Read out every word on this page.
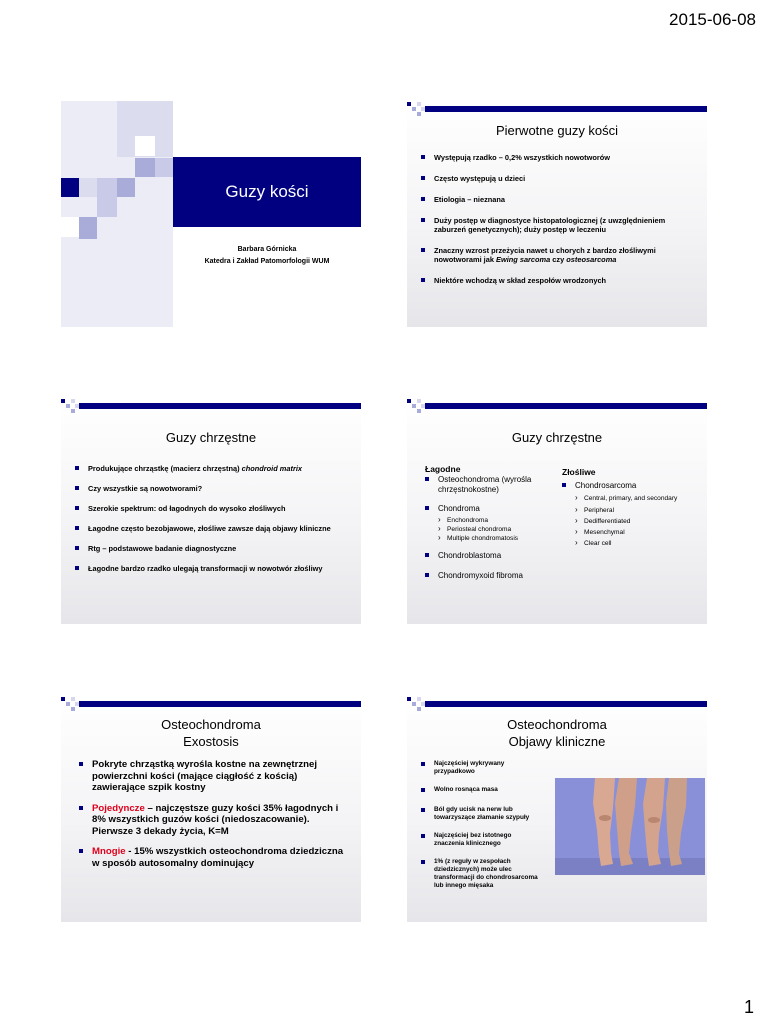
2015-06-08
Guzy kości
Barbara Górnicka
Katedra i Zakład Patomorfologii WUM
Pierwotne guzy kości
Występują rzadko – 0,2% wszystkich nowotworów
Często występują u dzieci
Etiologia – nieznana
Duży postęp w diagnostyce histopatologicznej (z uwzględnieniem zaburzeń genetycznych); duży postęp w leczeniu
Znaczny wzrost przeżycia nawet u chorych z bardzo złośliwymi nowotworami jak Ewing sarcoma czy osteosarcoma
Niektóre wchodzą w skład zespołów wrodzonych
Guzy chrzęstne
Produkujące chrząstkę (macierz chrzęstną) chondroid matrix
Czy wszystkie są nowotworami?
Szerokie spektrum: od łagodnych do wysoko złośliwych
Łagodne często bezobjawowe, złośliwe zawsze dają objawy kliniczne
Rtg – podstawowe badanie diagnostyczne
Łagodne bardzo rzadko ulegają transformacji w nowotwór złośliwy
Guzy chrzęstne
Łagodne
Osteochondroma (wyrośla chrzęstnokostne)
Chondroma
› Enchondroma
› Periosteal chondroma
› Multiple chondromatosis
Chondroblastoma
Chondromyxoid fibroma
Złośliwe
Chondrosarcoma
› Central, primary, and secondary
› Peripheral
› Dedifferentiated
› Mesenchymal
› Clear cell
Osteochondroma
Exostosis
Pokryte chrząstką wyrośla kostne na zewnętrznej powierzchni kości (mające ciągłość z kością) zawierające szpik kostny
Pojedyncze – najczęstsze guzy kości 35% łagodnych i 8% wszystkich guzów kości (niedoszacowanie). Pierwsze 3 dekady życia, K=M
Mnogie - 15% wszystkich osteochondroma dziedziczna w sposób autosomalny dominujący
Osteochondroma
Objawy kliniczne
Najczęściej wykrywany przypadkowo
Wolno rosnąca masa
Ból gdy ucisk na nerw lub towarzyszące złamanie szypuły
Najczęściej bez istotnego znaczenia klinicznego
1% (z reguły w zespołach dziedzicznych) może ulec transformacji do chondrosarcoma lub innego mięsaka
1
